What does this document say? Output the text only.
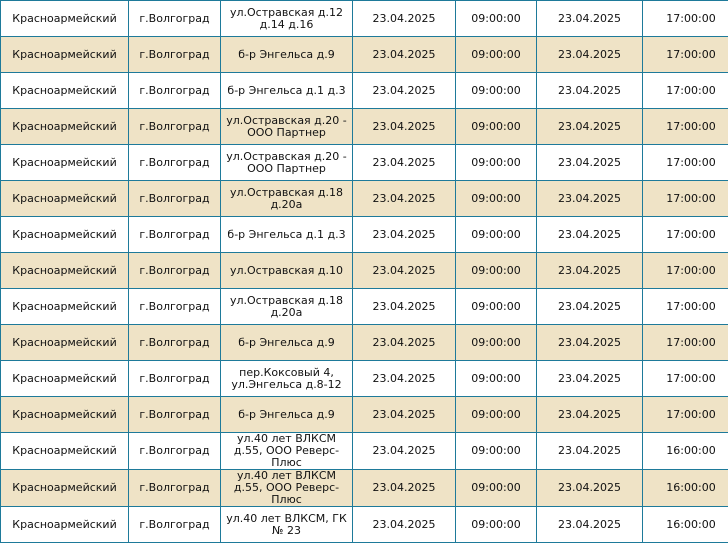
Красноармейский	г.Волгоград	ул.Остравская д.12 д.14 д.16	23.04.2025	09:00:00	23.04.2025	17:00:00
Красноармейский	г.Волгоград	б-р Энгельса д.9	23.04.2025	09:00:00	23.04.2025	17:00:00
Красноармейский	г.Волгоград	б-р Энгельса д.1 д.3	23.04.2025	09:00:00	23.04.2025	17:00:00
Красноармейский	г.Волгоград	ул.Остравская д.20 - ООО Партнер	23.04.2025	09:00:00	23.04.2025	17:00:00
Красноармейский	г.Волгоград	ул.Остравская д.20 - ООО Партнер	23.04.2025	09:00:00	23.04.2025	17:00:00
Красноармейский	г.Волгоград	ул.Остравская д.18 д.20а	23.04.2025	09:00:00	23.04.2025	17:00:00
Красноармейский	г.Волгоград	б-р Энгельса д.1 д.3	23.04.2025	09:00:00	23.04.2025	17:00:00
Красноармейский	г.Волгоград	ул.Остравская д.10	23.04.2025	09:00:00	23.04.2025	17:00:00
Красноармейский	г.Волгоград	ул.Остравская д.18 д.20а	23.04.2025	09:00:00	23.04.2025	17:00:00
Красноармейский	г.Волгоград	б-р Энгельса д.9	23.04.2025	09:00:00	23.04.2025	17:00:00
Красноармейский	г.Волгоград	пер.Коксовый 4, ул.Энгельса д.8-12	23.04.2025	09:00:00	23.04.2025	17:00:00
Красноармейский	г.Волгоград	б-р Энгельса д.9	23.04.2025	09:00:00	23.04.2025	17:00:00
Красноармейский	г.Волгоград	ул.40 лет ВЛКСМ д.55, ООО Реверс-Плюс	23.04.2025	09:00:00	23.04.2025	16:00:00
Красноармейский	г.Волгоград	ул.40 лет ВЛКСМ д.55, ООО Реверс-Плюс	23.04.2025	09:00:00	23.04.2025	16:00:00
Красноармейский	г.Волгоград	ул.40 лет ВЛКСМ, ГК № 23	23.04.2025	09:00:00	23.04.2025	16:00:00
